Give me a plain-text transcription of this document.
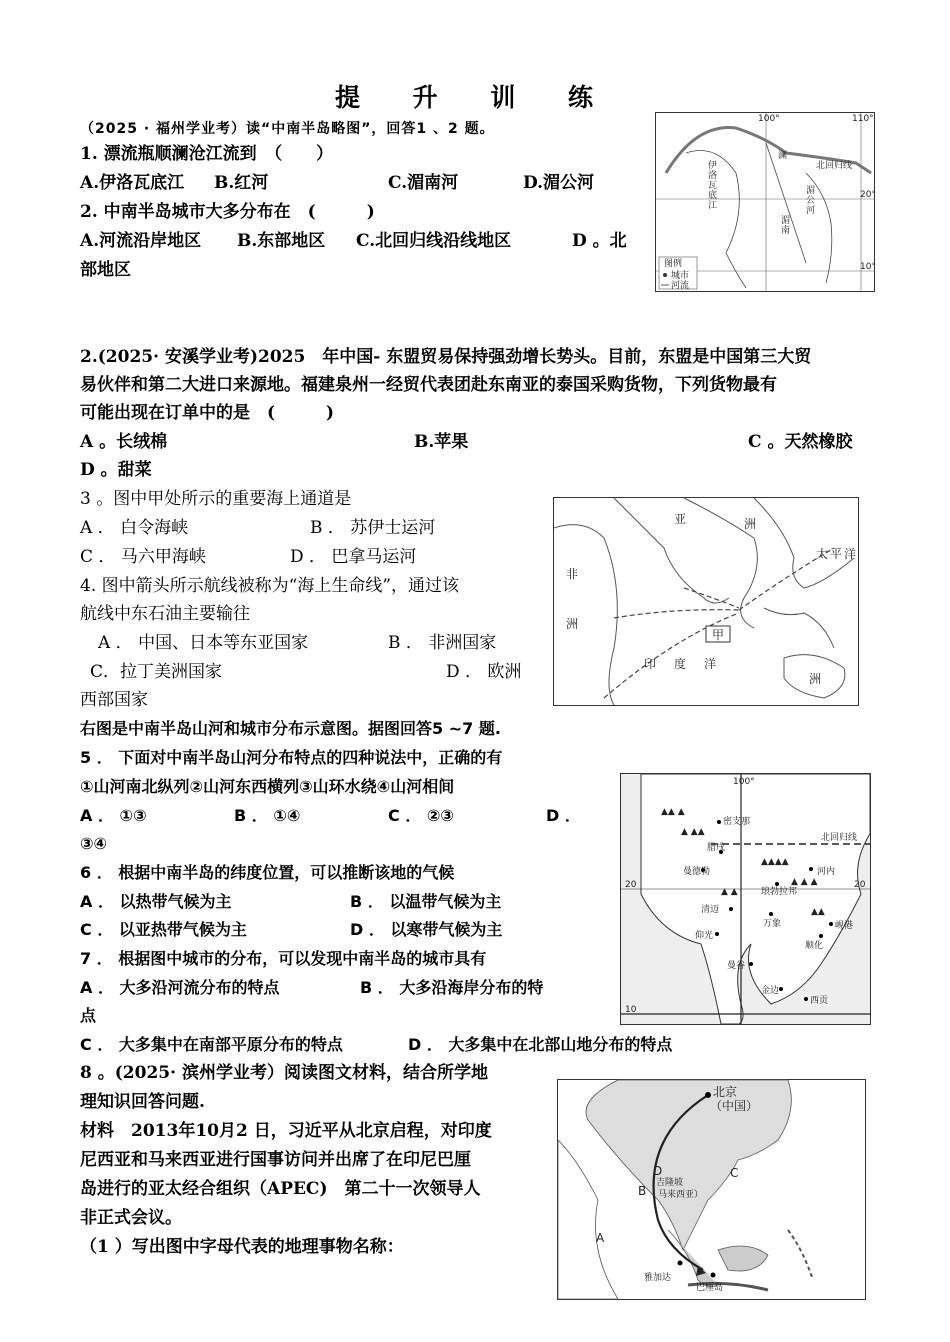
提 升 训 练
（2025 · 福州学业考）读“中南半岛略图”，回答1 、2 题。
1. 漂流瓶顺澜沧江流到　（　　）
A.伊洛瓦底江 B.红河	C.湄南河	D.湄公河
2. 中南半岛城市大多分布在　(　　　)
A.河流沿岸地区 B.东部地区 C.北回归线沿线地区	D 。北
部地区
100°	110°
20°
10°
北回归线
伊
洛
瓦
底
江
湄
公
河
澜
湄
南
图例
城市
河流
2.(2025· 安溪学业考)2025　年中国- 东盟贸易保持强劲增长势头。目前，东盟是中国第三大贸
易伙伴和第二大进口来源地。福建泉州一经贸代表团赴东南亚的泰国采购货物，下列货物最有
可能出现在订单中的是　(　　　)
A 。长绒棉	B.苹果	C 。天然橡胶
D 。甜菜
3 。图中甲处所示的重要海上通道是
A ． 白令海峡	B ． 苏伊士运河
C ． 马六甲海峡	D ． 巴拿马运河
4. 图中箭头所示航线被称为“海上生命线”，通过该
航线中东石油主要输往
A ． 中国、日本等东亚国家	B ． 非洲国家
C．拉丁美洲国家	D ． 欧洲
西部国家
甲
亚	洲
非
洲
太 平 洋
印 度 洋
洲
右图是中南半岛山河和城市分布示意图。据图回答5 ~7 题.
5 ． 下面对中南半岛山河分布特点的四种说法中，正确的有
①山河南北纵列②山河东西横列③山环水绕④山河相间
A ． ①③	B ． ①④	C ． ②③	D ．
③④
6 ． 根据中南半岛的纬度位置，可以推断该地的气候
A ． 以热带气候为主	B ． 以温带气候为主
C ． 以亚热带气候为主	D ． 以寒带气候为主
7 ． 根据图中城市的分布，可以发现中南半岛的城市具有
A ． 大多沿河流分布的特点	B ． 大多沿海岸分布的特
点
C ． 大多集中在南部平原分布的特点	D ． 大多集中在北部山地分布的特点
100°
北回归线
20	20
10
▲▲ ▲
▲ ▲▲
▲▲▲▲
▲ ▲ ▲
▲▲
▲ ▲
密支那
腊戌
曼德勒
琅勃拉邦
河内
清迈
万象
仰光
曼谷
金边
岘港
顺化
西贡
8 。(2025· 滨州学业考）阅读图文材料，结合所学地
理知识回答问题.
材料　2013年10月2 日，习近平从北京启程，对印度
尼西亚和马来西亚进行国事访问并出席了在印尼巴厘
岛进行的亚太经合组织（APEC)　第二十一次领导人
非正式会议。
（1 ）写出图中字母代表的地理事物名称：
北京
（中国）
D
B
C
A
吉隆坡
马来西亚）
雅加达
巴厘岛
